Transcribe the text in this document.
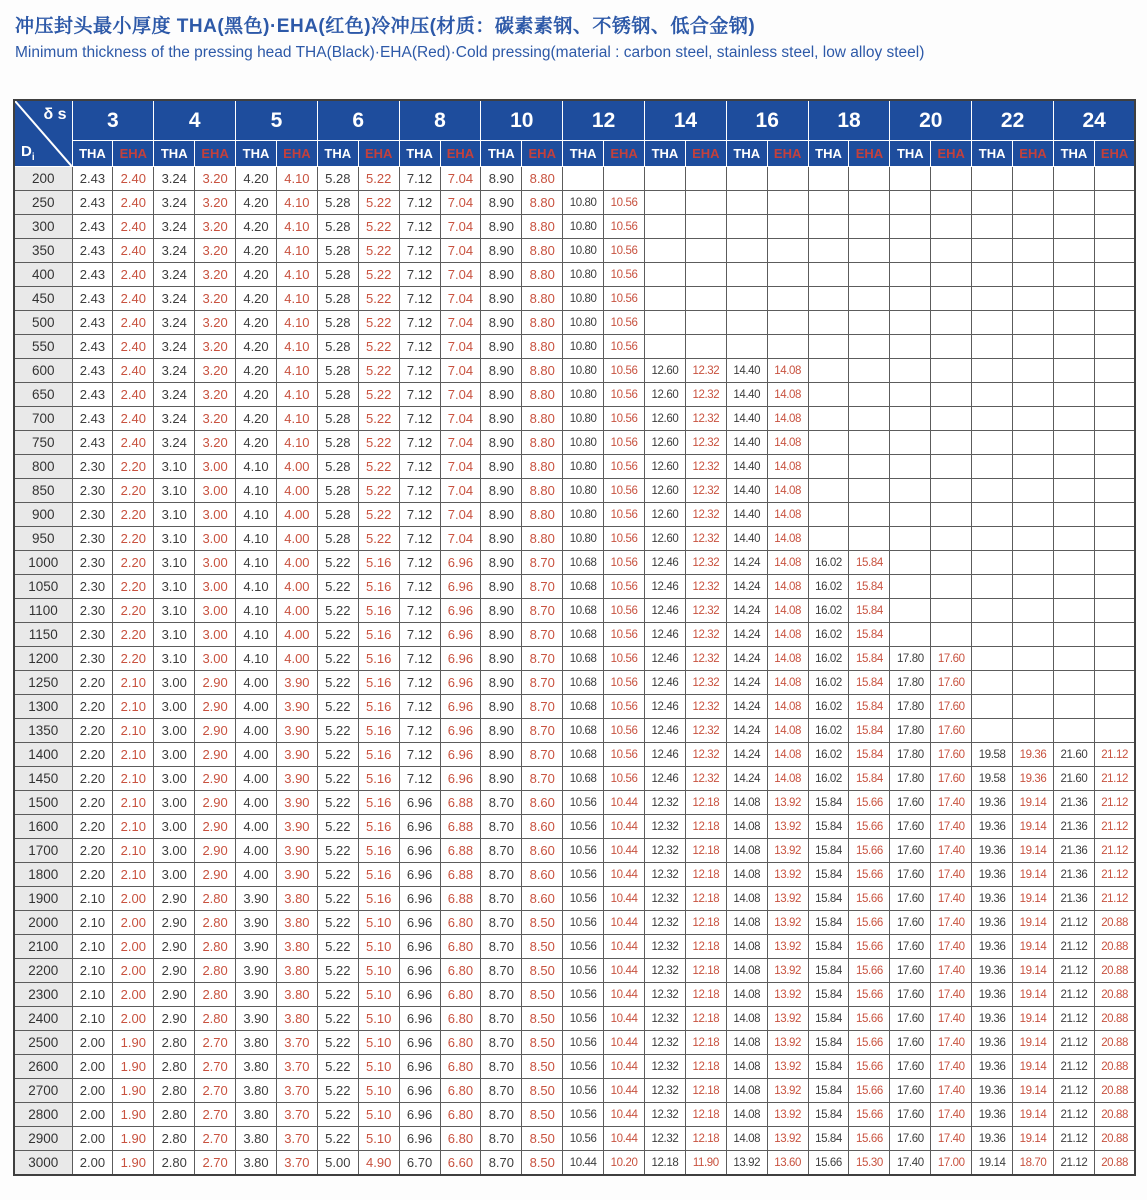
冲压封头最小厚度 THA(黑色)·EHA(红色)冷冲压(材质：碳素素钢、不锈钢、低合金钢)
Minimum thickness of the pressing head THA(Black)·EHA(Red)·Cold pressing(material : carbon steel, stainless steel, low alloy steel)
δ s
$D_i$	3		4		5		6		8		10		12		14		16		18		20		22		24	
	THA	EHA	THA	EHA	THA	EHA	THA	EHA	THA	EHA	THA	EHA	THA	EHA	THA	EHA	THA	EHA	THA	EHA	THA	EHA	THA	EHA	THA	EHA
200	2.43	2.40	3.24	3.20	4.20	4.10	5.28	5.22	7.12	7.04	8.90	8.80														
250	2.43	2.40	3.24	3.20	4.20	4.10	5.28	5.22	7.12	7.04	8.90	8.80	10.80	10.56												
300	2.43	2.40	3.24	3.20	4.20	4.10	5.28	5.22	7.12	7.04	8.90	8.80	10.80	10.56												
350	2.43	2.40	3.24	3.20	4.20	4.10	5.28	5.22	7.12	7.04	8.90	8.80	10.80	10.56												
400	2.43	2.40	3.24	3.20	4.20	4.10	5.28	5.22	7.12	7.04	8.90	8.80	10.80	10.56												
450	2.43	2.40	3.24	3.20	4.20	4.10	5.28	5.22	7.12	7.04	8.90	8.80	10.80	10.56												
500	2.43	2.40	3.24	3.20	4.20	4.10	5.28	5.22	7.12	7.04	8.90	8.80	10.80	10.56												
550	2.43	2.40	3.24	3.20	4.20	4.10	5.28	5.22	7.12	7.04	8.90	8.80	10.80	10.56												
600	2.43	2.40	3.24	3.20	4.20	4.10	5.28	5.22	7.12	7.04	8.90	8.80	10.80	10.56	12.60	12.32	14.40	14.08								
650	2.43	2.40	3.24	3.20	4.20	4.10	5.28	5.22	7.12	7.04	8.90	8.80	10.80	10.56	12.60	12.32	14.40	14.08								
700	2.43	2.40	3.24	3.20	4.20	4.10	5.28	5.22	7.12	7.04	8.90	8.80	10.80	10.56	12.60	12.32	14.40	14.08								
750	2.43	2.40	3.24	3.20	4.20	4.10	5.28	5.22	7.12	7.04	8.90	8.80	10.80	10.56	12.60	12.32	14.40	14.08								
800	2.30	2.20	3.10	3.00	4.10	4.00	5.28	5.22	7.12	7.04	8.90	8.80	10.80	10.56	12.60	12.32	14.40	14.08								
850	2.30	2.20	3.10	3.00	4.10	4.00	5.28	5.22	7.12	7.04	8.90	8.80	10.80	10.56	12.60	12.32	14.40	14.08								
900	2.30	2.20	3.10	3.00	4.10	4.00	5.28	5.22	7.12	7.04	8.90	8.80	10.80	10.56	12.60	12.32	14.40	14.08								
950	2.30	2.20	3.10	3.00	4.10	4.00	5.28	5.22	7.12	7.04	8.90	8.80	10.80	10.56	12.60	12.32	14.40	14.08								
1000	2.30	2.20	3.10	3.00	4.10	4.00	5.22	5.16	7.12	6.96	8.90	8.70	10.68	10.56	12.46	12.32	14.24	14.08	16.02	15.84						
1050	2.30	2.20	3.10	3.00	4.10	4.00	5.22	5.16	7.12	6.96	8.90	8.70	10.68	10.56	12.46	12.32	14.24	14.08	16.02	15.84						
1100	2.30	2.20	3.10	3.00	4.10	4.00	5.22	5.16	7.12	6.96	8.90	8.70	10.68	10.56	12.46	12.32	14.24	14.08	16.02	15.84						
1150	2.30	2.20	3.10	3.00	4.10	4.00	5.22	5.16	7.12	6.96	8.90	8.70	10.68	10.56	12.46	12.32	14.24	14.08	16.02	15.84						
1200	2.30	2.20	3.10	3.00	4.10	4.00	5.22	5.16	7.12	6.96	8.90	8.70	10.68	10.56	12.46	12.32	14.24	14.08	16.02	15.84	17.80	17.60				
1250	2.20	2.10	3.00	2.90	4.00	3.90	5.22	5.16	7.12	6.96	8.90	8.70	10.68	10.56	12.46	12.32	14.24	14.08	16.02	15.84	17.80	17.60				
1300	2.20	2.10	3.00	2.90	4.00	3.90	5.22	5.16	7.12	6.96	8.90	8.70	10.68	10.56	12.46	12.32	14.24	14.08	16.02	15.84	17.80	17.60				
1350	2.20	2.10	3.00	2.90	4.00	3.90	5.22	5.16	7.12	6.96	8.90	8.70	10.68	10.56	12.46	12.32	14.24	14.08	16.02	15.84	17.80	17.60				
1400	2.20	2.10	3.00	2.90	4.00	3.90	5.22	5.16	7.12	6.96	8.90	8.70	10.68	10.56	12.46	12.32	14.24	14.08	16.02	15.84	17.80	17.60	19.58	19.36	21.60	21.12
1450	2.20	2.10	3.00	2.90	4.00	3.90	5.22	5.16	7.12	6.96	8.90	8.70	10.68	10.56	12.46	12.32	14.24	14.08	16.02	15.84	17.80	17.60	19.58	19.36	21.60	21.12
1500	2.20	2.10	3.00	2.90	4.00	3.90	5.22	5.16	6.96	6.88	8.70	8.60	10.56	10.44	12.32	12.18	14.08	13.92	15.84	15.66	17.60	17.40	19.36	19.14	21.36	21.12
1600	2.20	2.10	3.00	2.90	4.00	3.90	5.22	5.16	6.96	6.88	8.70	8.60	10.56	10.44	12.32	12.18	14.08	13.92	15.84	15.66	17.60	17.40	19.36	19.14	21.36	21.12
1700	2.20	2.10	3.00	2.90	4.00	3.90	5.22	5.16	6.96	6.88	8.70	8.60	10.56	10.44	12.32	12.18	14.08	13.92	15.84	15.66	17.60	17.40	19.36	19.14	21.36	21.12
1800	2.20	2.10	3.00	2.90	4.00	3.90	5.22	5.16	6.96	6.88	8.70	8.60	10.56	10.44	12.32	12.18	14.08	13.92	15.84	15.66	17.60	17.40	19.36	19.14	21.36	21.12
1900	2.10	2.00	2.90	2.80	3.90	3.80	5.22	5.16	6.96	6.88	8.70	8.60	10.56	10.44	12.32	12.18	14.08	13.92	15.84	15.66	17.60	17.40	19.36	19.14	21.36	21.12
2000	2.10	2.00	2.90	2.80	3.90	3.80	5.22	5.10	6.96	6.80	8.70	8.50	10.56	10.44	12.32	12.18	14.08	13.92	15.84	15.66	17.60	17.40	19.36	19.14	21.12	20.88
2100	2.10	2.00	2.90	2.80	3.90	3.80	5.22	5.10	6.96	6.80	8.70	8.50	10.56	10.44	12.32	12.18	14.08	13.92	15.84	15.66	17.60	17.40	19.36	19.14	21.12	20.88
2200	2.10	2.00	2.90	2.80	3.90	3.80	5.22	5.10	6.96	6.80	8.70	8.50	10.56	10.44	12.32	12.18	14.08	13.92	15.84	15.66	17.60	17.40	19.36	19.14	21.12	20.88
2300	2.10	2.00	2.90	2.80	3.90	3.80	5.22	5.10	6.96	6.80	8.70	8.50	10.56	10.44	12.32	12.18	14.08	13.92	15.84	15.66	17.60	17.40	19.36	19.14	21.12	20.88
2400	2.10	2.00	2.90	2.80	3.90	3.80	5.22	5.10	6.96	6.80	8.70	8.50	10.56	10.44	12.32	12.18	14.08	13.92	15.84	15.66	17.60	17.40	19.36	19.14	21.12	20.88
2500	2.00	1.90	2.80	2.70	3.80	3.70	5.22	5.10	6.96	6.80	8.70	8.50	10.56	10.44	12.32	12.18	14.08	13.92	15.84	15.66	17.60	17.40	19.36	19.14	21.12	20.88
2600	2.00	1.90	2.80	2.70	3.80	3.70	5.22	5.10	6.96	6.80	8.70	8.50	10.56	10.44	12.32	12.18	14.08	13.92	15.84	15.66	17.60	17.40	19.36	19.14	21.12	20.88
2700	2.00	1.90	2.80	2.70	3.80	3.70	5.22	5.10	6.96	6.80	8.70	8.50	10.56	10.44	12.32	12.18	14.08	13.92	15.84	15.66	17.60	17.40	19.36	19.14	21.12	20.88
2800	2.00	1.90	2.80	2.70	3.80	3.70	5.22	5.10	6.96	6.80	8.70	8.50	10.56	10.44	12.32	12.18	14.08	13.92	15.84	15.66	17.60	17.40	19.36	19.14	21.12	20.88
2900	2.00	1.90	2.80	2.70	3.80	3.70	5.22	5.10	6.96	6.80	8.70	8.50	10.56	10.44	12.32	12.18	14.08	13.92	15.84	15.66	17.60	17.40	19.36	19.14	21.12	20.88
3000	2.00	1.90	2.80	2.70	3.80	3.70	5.00	4.90	6.70	6.60	8.70	8.50	10.44	10.20	12.18	11.90	13.92	13.60	15.66	15.30	17.40	17.00	19.14	18.70	21.12	20.88
